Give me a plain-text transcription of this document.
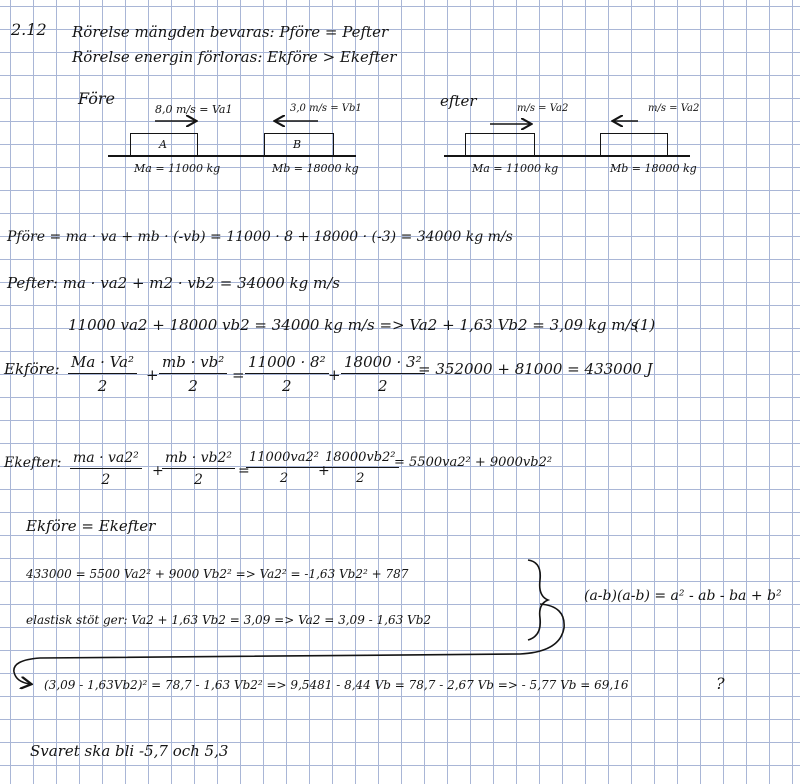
2.12 Rörelse mängden bevaras: Pföre = Pefter
Rörelse energin förloras: Ekföre > Ekefter
Före
8,0 m/s = Va1	3,0 m/s = Vb1
A	B
Ma = 11000 kg	Mb = 18000 kg
efter	m/s = Va2	m/s = Va2
Ma = 11000 kg	Mb = 18000 kg
Pföre = ma · va + mb · (-vb) = 11000 · 8 + 18000 · (-3) = 34000 kg m/s
Pefter: ma · va2 + m2 · vb2 = 34000 kg m/s
11000 va2 + 18000 vb2 = 34000 kg m/s => Va2 + 1,63 Vb2 = 3,09 kg m/s
(1)
Ekföre: $\frac{\text{Ma · Va²}}{2} + \frac{\text{mb · vb²}}{2} = \frac{\text{11000 · 8²}}{2} + \frac{\text{18000 · 3²}}{2}$
= 352000 + 81000 = 433000 J
Ekefter: $\frac{\text{ma · va2²}}{2}$ +
$\frac{\text{mb · vb2²}}{2}$ =
$\frac{\text{11000va2²}}{2}$
+
$\frac{\text{18000vb2²}}{2}$
= 5500va2² + 9000vb2²
Ekföre = Ekefter
433000 = 5500 Va2² + 9000 Vb2² => Va2² = -1,63 Vb2² + 787
elastisk stöt ger: Va2 + 1,63 Vb2 = 3,09 => Va2 = 3,09 - 1,63 Vb2
(a-b)(a-b) = a² - ab - ba + b²
(3,09 - 1,63Vb2)² = 78,7 - 1,63 Vb2² => 9,5481 - 8,44 Vb = 78,7 - 2,67 Vb => - 5,77 Vb = 69,16	?
Svaret ska bli -5,7 och 5,3
